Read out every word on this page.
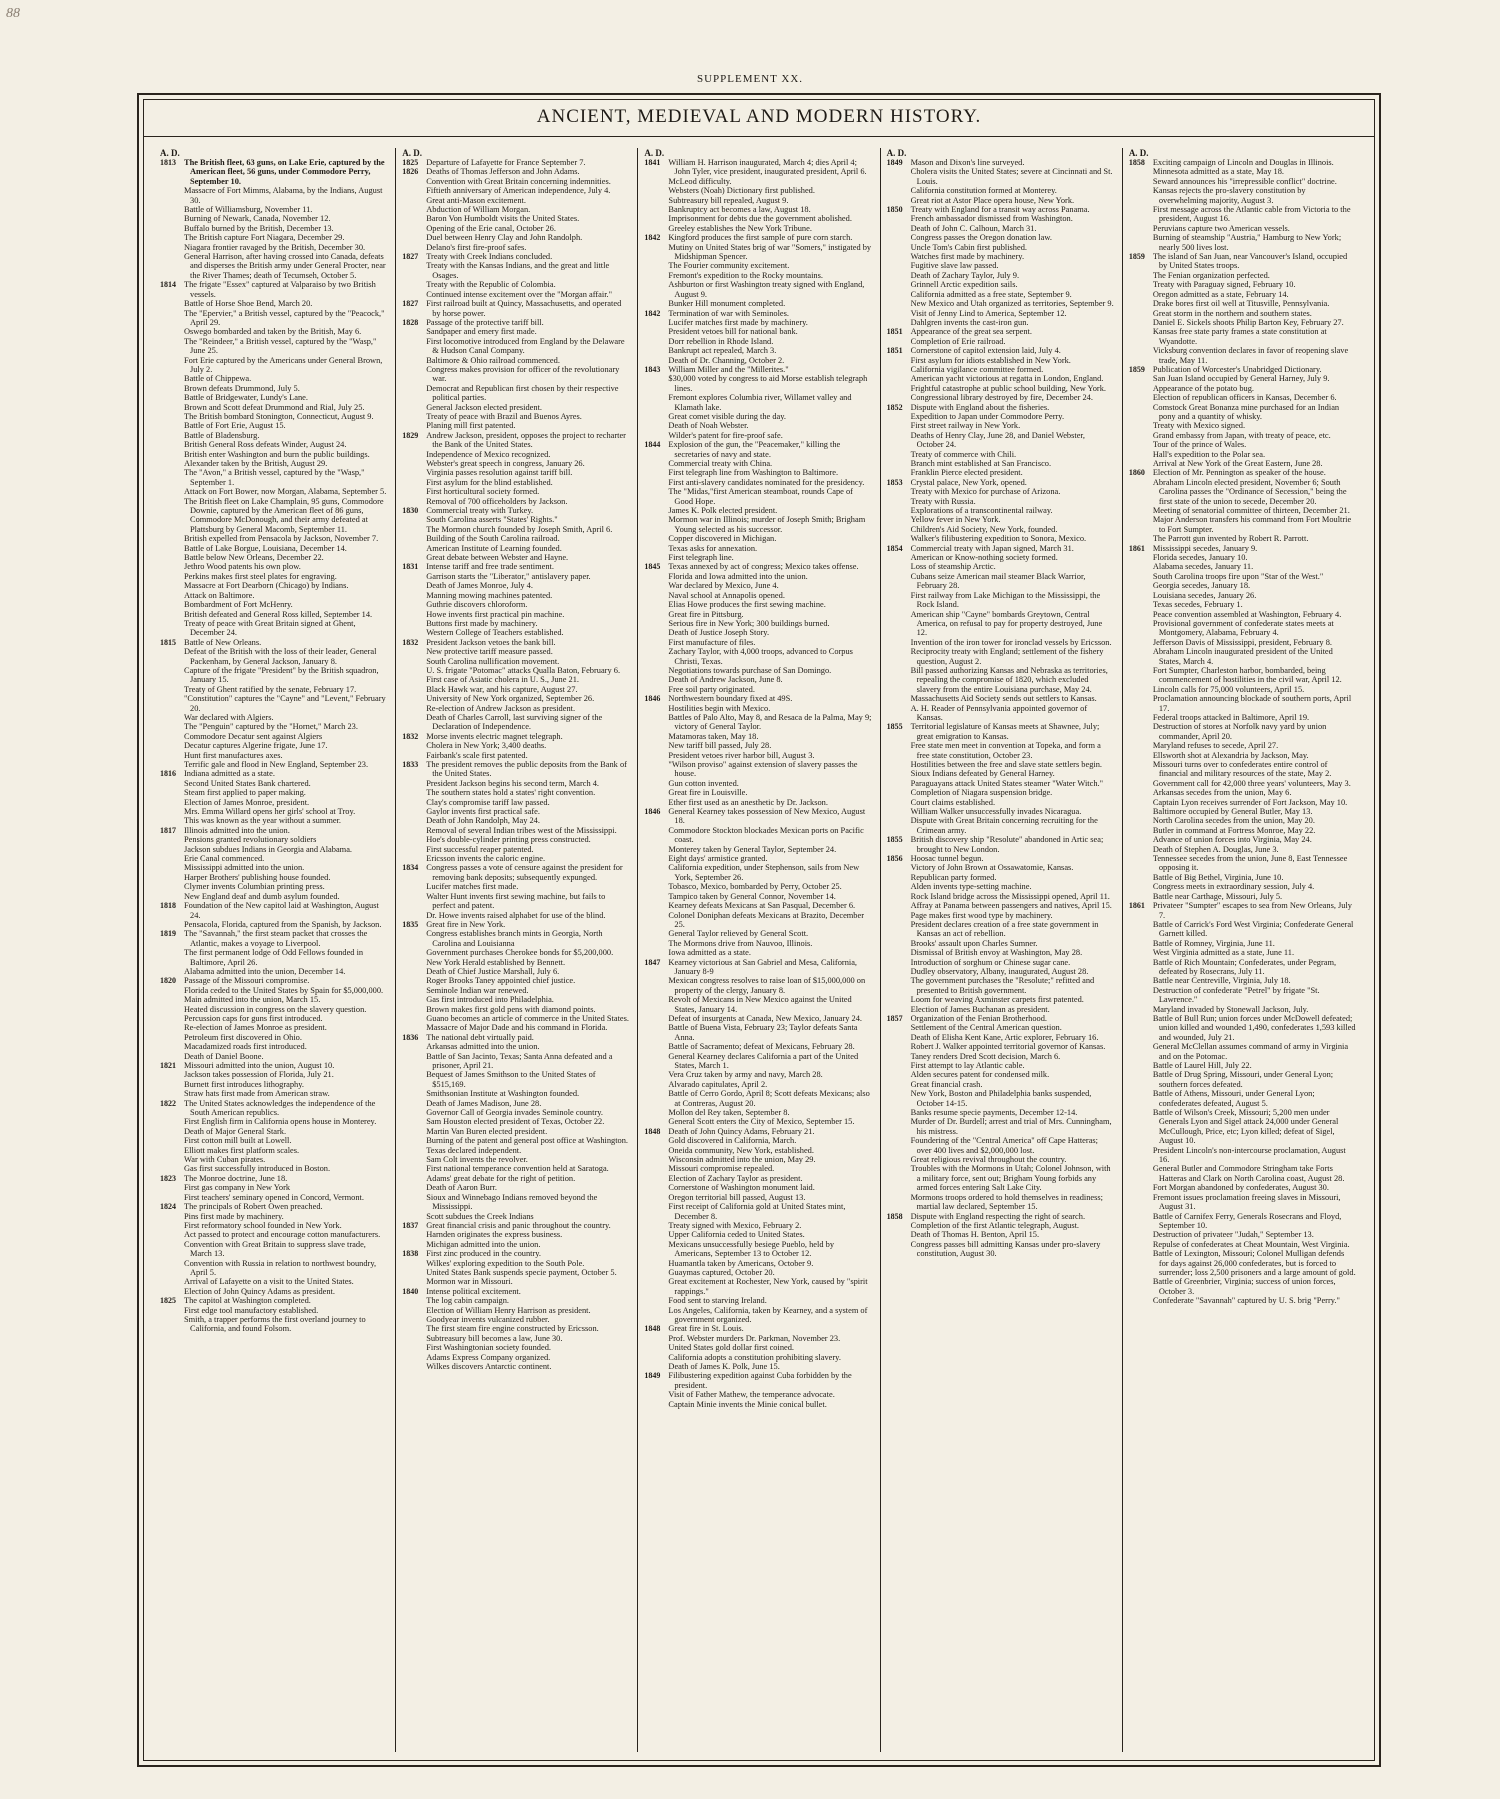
88
SUPPLEMENT XX.
ANCIENT, MEDIEVAL AND MODERN HISTORY.
A. D.
1813 The British fleet, 63 guns, on Lake Erie, captured by the American fleet, 56 guns, under Commodore Perry, September 10.
Massacre of Fort Mimms, Alabama, by the Indians, August 30.
Battle of Williamsburg, November 11.
Burning of Newark, Canada, November 12.
Buffalo burned by the British, December 13.
The British capture Fort Niagara, December 29.
Niagara frontier ravaged by the British, December 30.
General Harrison, after having crossed into Canada, defeats and disperses the British army under General Procter, near the River Thames; death of Tecumseh, October 5.
1814 The frigate "Essex" captured at Valparaiso by two British vessels.
Battle of Horse Shoe Bend, March 20.
The "Epervier," a British vessel, captured by the "Peacock," April 29.
Oswego bombarded and taken by the British, May 6.
The "Reindeer," a British vessel, captured by the "Wasp," June 25.
Fort Erie captured by the Americans under General Brown, July 2.
Battle of Chippewa.
Brown defeats Drummond, July 5.
Battle of Bridgewater, Lundy's Lane.
Brown and Scott defeat Drummond and Rial, July 25.
The British bombard Stonington, Connecticut, August 9.
Battle of Fort Erie, August 15.
Battle of Bladensburg.
British General Ross defeats Winder, August 24.
British enter Washington and burn the public buildings.
Alexander taken by the British, August 29.
The "Avon," a British vessel, captured by the "Wasp," September 1.
Attack on Fort Bower, now Morgan, Alabama, September 5.
The British fleet on Lake Champlain, 95 guns, Commodore Downie, captured by the American fleet of 86 guns, Commodore McDonough, and their army defeated at Plattsburg by General Macomb, September 11.
British expelled from Pensacola by Jackson, November 7.
Battle of Lake Borgue, Louisiana, December 14.
Battle below New Orleans, December 22.
Jethro Wood patents his own plow.
Perkins makes first steel plates for engraving.
Massacre at Fort Dearborn (Chicago) by Indians.
Attack on Baltimore.
Bombardment of Fort McHenry.
British defeated and General Ross killed, September 14.
Treaty of peace with Great Britain signed at Ghent, December 24.
1815 Battle of New Orleans.
Defeat of the British with the loss of their leader, General Packenham, by General Jackson, January 8.
Capture of the frigate "President" by the British squadron, January 15.
Treaty of Ghent ratified by the senate, February 17.
"Constitution" captures the "Cayne" and "Levent," February 20.
War declared with Algiers.
The "Penguin" captured by the "Hornet," March 23.
Commodore Decatur sent against Algiers
Decatur captures Algerine frigate, June 17.
Hunt first manufactures axes.
Terrific gale and flood in New England, September 23.
1816 Indiana admitted as a state.
Second United States Bank chartered.
Steam first applied to paper making.
Election of James Monroe, president.
Mrs. Emma Willard opens her girls' school at Troy.
This was known as the year without a summer.
1817 Illinois admitted into the union.
Pensions granted revolutionary soldiers
Jackson subdues Indians in Georgia and Alabama.
Erie Canal commenced.
Mississippi admitted into the union.
Harper Brothers' publishing house founded.
Clymer invents Columbian printing press.
New England deaf and dumb asylum founded.
1818 Foundation of the New capitol laid at Washington, August 24.
Pensacola, Florida, captured from the Spanish, by Jackson.
1819 The "Savannah," the first steam packet that crosses the Atlantic, makes a voyage to Liverpool.
The first permanent lodge of Odd Fellows founded in Baltimore, April 26.
Alabama admitted into the union, December 14.
1820 Passage of the Missouri compromise.
Florida ceded to the United States by Spain for $5,000,000.
Main admitted into the union, March 15.
Heated discussion in congress on the slavery question.
Percussion caps for guns first introduced.
Re-election of James Monroe as president.
Petroleum first discovered in Ohio.
Macadamized roads first introduced.
Death of Daniel Boone.
1821 Missouri admitted into the union, August 10.
Jackson takes possession of Florida, July 21.
Burnett first introduces lithography.
Straw hats first made from American straw.
1822 The United States acknowledges the independence of the South American republics.
First English firm in California opens house in Monterey.
Death of Major General Stark.
First cotton mill built at Lowell.
Elliott makes first platform scales.
War with Cuban pirates.
Gas first successfully introduced in Boston.
1823 The Monroe doctrine, June 18.
First gas company in New York
First teachers' seminary opened in Concord, Vermont.
1824 The principals of Robert Owen preached.
Pins first made by machinery.
First reformatory school founded in New York.
Act passed to protect and encourage cotton manufacturers.
Convention with Great Britain to suppress slave trade, March 13.
Convention with Russia in relation to northwest boundry, April 5.
Arrival of Lafayette on a visit to the United States.
Election of John Quincy Adams as president.
1825 The capitol at Washington completed.
First edge tool manufactory established.
Smith, a trapper performs the first overland journey to California, and found Folsom.
A. D.
1825 Departure of Lafayette for France September 7.
1826 Deaths of Thomas Jefferson and John Adams.
Convention with Great Britain concerning indemnities.
Fiftieth anniversary of American independence, July 4.
Great anti-Mason excitement.
Abduction of William Morgan.
Baron Von Humboldt visits the United States.
Opening of the Erie canal, October 26.
Duel between Henry Clay and John Randolph.
Delano's first fire-proof safes.
1827 Treaty with Creek Indians concluded.
Treaty with the Kansas Indians, and the great and little Osages.
Treaty with the Republic of Colombia.
Continued intense excitement over the "Morgan affair."
1827 First railroad built at Quincy, Massachusetts, and operated by horse power.
1828 Passage of the protective tariff bill.
Sandpaper and emery first made.
First locomotive introduced from England by the Delaware & Hudson Canal Company.
Baltimore & Ohio railroad commenced.
Congress makes provision for officer of the revolutionary war.
Democrat and Republican first chosen by their respective political parties.
General Jackson elected president.
Treaty of peace with Brazil and Buenos Ayres.
Planing mill first patented.
1829 Andrew Jackson, president, opposes the project to recharter the Bank of the United States.
Independence of Mexico recognized.
Webster's great speech in congress, January 26.
Virginia passes resolution against tariff bill.
First asylum for the blind established.
First horticultural society formed.
Removal of 700 officeholders by Jackson.
1830 Commercial treaty with Turkey.
South Carolina asserts "States' Rights."
The Mormon church founded by Joseph Smith, April 6.
Building of the South Carolina railroad.
American Institute of Learning founded.
Great debate between Webster and Hayne.
1831 Intense tariff and free trade sentiment.
Garrison starts the "Liberator," antislavery paper.
Death of James Monroe, July 4.
Manning mowing machines patented.
Guthrie discovers chloroform.
Howe invents first practical pin machine.
Buttons first made by machinery.
Western College of Teachers established.
1832 President Jackson vetoes the bank bill.
New protective tariff measure passed.
South Carolina nullification movement.
U. S. frigate "Potomac" attacks Qualla Baton, February 6.
First case of Asiatic cholera in U. S., June 21.
Black Hawk war, and his capture, August 27.
University of New York organized, September 26.
Re-election of Andrew Jackson as president.
Death of Charles Carroll, last surviving signer of the Declaration of Independence.
1832 Morse invents electric magnet telegraph.
Cholera in New York; 3,400 deaths.
Fairbank's scale first patented.
1833 The president removes the public deposits from the Bank of the United States.
President Jackson begins his second term, March 4.
The southern states hold a states' right convention.
Clay's compromise tariff law passed.
Gaylor invents first practical safe.
Death of John Randolph, May 24.
Removal of several Indian tribes west of the Mississippi.
Hoe's double-cylinder printing press constructed.
First successful reaper patented.
Ericsson invents the caloric engine.
1834 Congress passes a vote of censure against the president for removing bank deposits; subsequently expunged.
Lucifer matches first made.
Walter Hunt invents first sewing machine, but fails to perfect and patent.
Dr. Howe invents raised alphabet for use of the blind.
1835 Great fire in New York.
Congress establishes branch mints in Georgia, North Carolina and Louisianna
Government purchases Cherokee bonds for $5,200,000.
New York Herald established by Bennett.
Death of Chief Justice Marshall, July 6.
Roger Brooks Taney appointed chief justice.
Seminole Indian war renewed.
Gas first introduced into Philadelphia.
Brown makes first gold pens with diamond points.
Guano becomes an article of commerce in the United States.
Massacre of Major Dade and his command in Florida.
1836 The national debt virtually paid.
Arkansas admitted into the union.
Battle of San Jacinto, Texas; Santa Anna defeated and a prisoner, April 21.
Bequest of James Smithson to the United States of $515,169.
Smithsonian Institute at Washington founded.
Death of James Madison, June 28.
Governor Call of Georgia invades Seminole country.
Sam Houston elected president of Texas, October 22.
Martin Van Buren elected president.
Burning of the patent and general post office at Washington.
Texas declared independent.
Sam Colt invents the revolver.
First national temperance convention held at Saratoga.
Adams' great debate for the right of petition.
Death of Aaron Burr.
Sioux and Winnebago Indians removed beyond the Mississippi.
Scott subdues the Creek Indians
1837 Great financial crisis and panic throughout the country.
Harnden originates the express business.
Michigan admitted into the union.
1838 First zinc produced in the country.
Wilkes' exploring expedition to the South Pole.
United States Bank suspends specie payment, October 5.
Mormon war in Missouri.
1840 Intense political excitement.
The log cabin campaign.
Election of William Henry Harrison as president.
Goodyear invents vulcanized rubber.
The first steam fire engine constructed by Ericsson.
Subtreasury bill becomes a law, June 30.
First Washingtonian society founded.
Adams Express Company organized.
Wilkes discovers Antarctic continent.
A. D.
1841 William H. Harrison inaugurated, March 4; dies April 4; John Tyler, vice president, inaugurated president, April 6.
McLeod difficulty.
Websters (Noah) Dictionary first published.
Subtreasury bill repealed, August 9.
Bankruptcy act becomes a law, August 18.
Imprisonment for debts due the government abolished.
Greeley establishes the New York Tribune.
1842 Kingford produces the first sample of pure corn starch.
Mutiny on United States brig of war "Somers," instigated by Midshipman Spencer.
The Fourier community excitement.
Fremont's expedition to the Rocky mountains.
Ashburton or first Washington treaty signed with England, August 9.
Bunker Hill monument completed.
1842 Termination of war with Seminoles.
Lucifer matches first made by machinery.
President vetoes bill for national bank.
Dorr rebellion in Rhode Island.
Bankrupt act repealed, March 3.
Death of Dr. Channing, October 2.
1843 William Miller and the "Millerites."
$30,000 voted by congress to aid Morse establish telegraph lines.
Fremont explores Columbia river, Willamet valley and Klamath lake.
Great comet visible during the day.
Death of Noah Webster.
Wilder's patent for fire-proof safe.
1844 Explosion of the gun, the "Peacemaker," killing the secretaries of navy and state.
Commercial treaty with China.
First telegraph line from Washington to Baltimore.
First anti-slavery candidates nominated for the presidency.
The "Midas,"first American steamboat, rounds Cape of Good Hope.
James K. Polk elected president.
Mormon war in Illinois; murder of Joseph Smith; Brigham Young selected as his successor.
Copper discovered in Michigan.
Texas asks for annexation.
First telegraph line.
1845 Texas annexed by act of congress; Mexico takes offense.
Florida and Iowa admitted into the union.
War declared by Mexico, June 4.
Naval school at Annapolis opened.
Elias Howe produces the first sewing machine.
Great fire in Pittsburg.
Serious fire in New York; 300 buildings burned.
Death of Justice Joseph Story.
First manufacture of files.
Zachary Taylor, with 4,000 troops, advanced to Corpus Christi, Texas.
Negotiations towards purchase of San Domingo.
Death of Andrew Jackson, June 8.
Free soil party originated.
1846 Northwestern boundary fixed at 49S.
Hostilities begin with Mexico.
Battles of Palo Alto, May 8, and Resaca de la Palma, May 9; victory of General Taylor.
Matamoras taken, May 18.
New tariff bill passed, July 28.
President vetoes river harbor bill, August 3.
"Wilson proviso" against extension of slavery passes the house.
Gun cotton invented.
Great fire in Louisville.
Ether first used as an anesthetic by Dr. Jackson.
1846 General Kearney takes possession of New Mexico, August 18.
Commodore Stockton blockades Mexican ports on Pacific coast.
Monterey taken by General Taylor, September 24.
Eight days' armistice granted.
California expedition, under Stephenson, sails from New York, September 26.
Tobasco, Mexico, bombarded by Perry, October 25.
Tampico taken by General Connor, November 14.
Kearney defeats Mexicans at San Pasqual, December 6.
Colonel Doniphan defeats Mexicans at Brazito, December 25.
General Taylor relieved by General Scott.
The Mormons drive from Nauvoo, Illinois.
Iowa admitted as a state.
1847 Kearney victorious at San Gabriel and Mesa, California, January 8-9
Mexican congress resolves to raise loan of $15,000,000 on property of the clergy, January 8.
Revolt of Mexicans in New Mexico against the United States, January 14.
Defeat of insurgents at Canada, New Mexico, January 24.
Battle of Buena Vista, February 23; Taylor defeats Santa Anna.
Battle of Sacramento; defeat of Mexicans, February 28.
General Kearney declares California a part of the United States, March 1.
Vera Cruz taken by army and navy, March 28.
Alvarado capitulates, April 2.
Battle of Cerro Gordo, April 8; Scott defeats Mexicans; also at Contreras, August 20.
Mollon del Rey taken, September 8.
General Scott enters the City of Mexico, September 15.
1848 Death of John Quincy Adams, February 21.
Gold discovered in California, March.
Oneida community, New York, established.
Wisconsin admitted into the union, May 29.
Missouri compromise repealed.
Election of Zachary Taylor as president.
Cornerstone of Washington monument laid.
Oregon territorial bill passed, August 13.
First receipt of California gold at United States mint, December 8.
Treaty signed with Mexico, February 2.
Upper California ceded to United States.
Mexicans unsuccessfully besiege Pueblo, held by Americans, September 13 to October 12.
Huamantla taken by Americans, October 9.
Guaymas captured, October 20.
Great excitement at Rochester, New York, caused by "spirit rappings."
Food sent to starving Ireland.
Los Angeles, California, taken by Kearney, and a system of government organized.
1848 Great fire in St. Louis.
Prof. Webster murders Dr. Parkman, November 23.
United States gold dollar first coined.
California adopts a constitution prohibiting slavery.
Death of James K. Polk, June 15.
1849 Filibustering expedition against Cuba forbidden by the president.
Visit of Father Mathew, the temperance advocate.
Captain Minie invents the Minie conical bullet.
A. D.
1849 Mason and Dixon's line surveyed.
Cholera visits the United States; severe at Cincinnati and St. Louis.
California constitution formed at Monterey.
Great riot at Astor Place opera house, New York.
1850 Treaty with England for a transit way across Panama.
French ambassador dismissed from Washington.
Death of John C. Calhoun, March 31.
Congress passes the Oregon donation law.
Uncle Tom's Cabin first published.
Watches first made by machinery.
Fugitive slave law passed.
Death of Zachary Taylor, July 9.
Grinnell Arctic expedition sails.
California admitted as a free state, September 9.
New Mexico and Utah organized as territories, September 9.
Visit of Jenny Lind to America, September 12.
Dahlgren invents the cast-iron gun.
1851 Appearance of the great sea serpent.
Completion of Erie railroad.
1851 Cornerstone of capitol extension laid, July 4.
First asylum for idiots established in New York.
California vigilance committee formed.
American yacht victorious at regatta in London, England.
Frightful catastrophe at public school building, New York.
Congressional library destroyed by fire, December 24.
1852 Dispute with England about the fisheries.
Expedition to Japan under Commodore Perry.
First street railway in New York.
Deaths of Henry Clay, June 28, and Daniel Webster, October 24.
Treaty of commerce with Chili.
Branch mint established at San Francisco.
Franklin Pierce elected president.
1853 Crystal palace, New York, opened.
Treaty with Mexico for purchase of Arizona.
Treaty with Russia.
Explorations of a transcontinental railway.
Yellow fever in New York.
Children's Aid Society, New York, founded.
Walker's filibustering expedition to Sonora, Mexico.
1854 Commercial treaty with Japan signed, March 31.
American or Know-nothing society formed.
Loss of steamship Arctic.
Cubans seize American mail steamer Black Warrior, February 28.
First railway from Lake Michigan to the Mississippi, the Rock Island.
American ship "Cayne" bombards Greytown, Central America, on refusal to pay for property destroyed, June 12.
Invention of the iron tower for ironclad vessels by Ericsson.
Reciprocity treaty with England; settlement of the fishery question, August 2.
Bill passed authorizing Kansas and Nebraska as territories, repealing the compromise of 1820, which excluded slavery from the entire Louisiana purchase, May 24.
Massachusetts Aid Society sends out settlers to Kansas.
A. H. Reader of Pennsylvania appointed governor of Kansas.
1855 Territorial legislature of Kansas meets at Shawnee, July; great emigration to Kansas.
Free state men meet in convention at Topeka, and form a free state constitution, October 23.
Hostilities between the free and slave state settlers begin.
Sioux Indians defeated by General Harney.
Paraguayans attack United States steamer "Water Witch."
Completion of Niagara suspension bridge.
Court claims established.
William Walker unsuccessfully invades Nicaragua.
Dispute with Great Britain concerning recruiting for the Crimean army.
1855 British discovery ship "Resolute" abandoned in Artic sea; brought to New London.
1856 Hoosac tunnel begun.
Victory of John Brown at Ossawatomie, Kansas.
Republican party formed.
Alden invents type-setting machine.
Rock Island bridge across the Mississippi opened, April 11.
Affray at Panama between passengers and natives, April 15.
Page makes first wood type by machinery.
President declares creation of a free state government in Kansas an act of rebellion.
Brooks' assault upon Charles Sumner.
Dismissal of British envoy at Washington, May 28.
Introduction of sorghum or Chinese sugar cane.
Dudley observatory, Albany, inaugurated, August 28.
The government purchases the "Resolute;" refitted and presented to British government.
Loom for weaving Axminster carpets first patented.
Election of James Buchanan as president.
1857 Organization of the Fenian Brotherhood.
Settlement of the Central American question.
Death of Elisha Kent Kane, Artic explorer, February 16.
Robert J. Walker appointed territorial governor of Kansas.
Taney renders Dred Scott decision, March 6.
First attempt to lay Atlantic cable.
Alden secures patent for condensed milk.
Great financial crash.
New York, Boston and Philadelphia banks suspended, October 14-15.
Banks resume specie payments, December 12-14.
Murder of Dr. Burdell; arrest and trial of Mrs. Cunningham, his mistress.
Foundering of the "Central America" off Cape Hatteras; over 400 lives and $2,000,000 lost.
Great religious revival throughout the country.
Troubles with the Mormons in Utah; Colonel Johnson, with a military force, sent out; Brigham Young forbids any armed forces entering Salt Lake City.
Mormons troops ordered to hold themselves in readiness; martial law declared, September 15.
1858 Dispute with England respecting the right of search.
Completion of the first Atlantic telegraph, August.
Death of Thomas H. Benton, April 15.
Congress passes bill admitting Kansas under pro-slavery constitution, August 30.
A. D.
1858 Exciting campaign of Lincoln and Douglas in Illinois.
Minnesota admitted as a state, May 18.
Seward announces his "irrepressible conflict" doctrine.
Kansas rejects the pro-slavery constitution by overwhelming majority, August 3.
First message across the Atlantic cable from Victoria to the president, August 16.
Peruvians capture two American vessels.
Burning of steamship "Austria," Hamburg to New York; nearly 500 lives lost.
1859 The island of San Juan, near Vancouver's Island, occupied by United States troops.
The Fenian organization perfected.
Treaty with Paraguay signed, February 10.
Oregon admitted as a state, February 14.
Drake bores first oil well at Titusville, Pennsylvania.
Great storm in the northern and southern states.
Daniel E. Sickels shoots Philip Barton Key, February 27.
Kansas free state party frames a state constitution at Wyandotte.
Vicksburg convention declares in favor of reopening slave trade, May 11.
1859 Publication of Worcester's Unabridged Dictionary.
San Juan Island occupied by General Harney, July 9.
Appearance of the potato bug.
Election of republican officers in Kansas, December 6.
Comstock Great Bonanza mine purchased for an Indian pony and a quantity of whisky.
Treaty with Mexico signed.
Grand embassy from Japan, with treaty of peace, etc.
Tour of the prince of Wales.
Hall's expedition to the Polar sea.
Arrival at New York of the Great Eastern, June 28.
1860 Election of Mr. Pennington as speaker of the house.
Abraham Lincoln elected president, November 6; South Carolina passes the "Ordinance of Secession," being the first state of the union to secede, December 20.
Meeting of senatorial committee of thirteen, December 21.
Major Anderson transfers his command from Fort Moultrie to Fort Sumpter.
The Parrott gun invented by Robert R. Parrott.
1861 Mississippi secedes, January 9.
Florida secedes, January 10.
Alabama secedes, January 11.
South Carolina troops fire upon "Star of the West."
Georgia secedes, January 18.
Louisiana secedes, January 26.
Texas secedes, February 1.
Peace convention assembled at Washington, February 4.
Provisional government of confederate states meets at Montgomery, Alabama, February 4.
Jefferson Davis of Mississippi, president, February 8.
Abraham Lincoln inaugurated president of the United States, March 4.
Fort Sumpter, Charleston harbor, bombarded, being commencement of hostilities in the civil war, April 12.
Lincoln calls for 75,000 volunteers, April 15.
Proclamation announcing blockade of southern ports, April 17.
Federal troops attacked in Baltimore, April 19.
Destruction of stores at Norfolk navy yard by union commander, April 20.
Maryland refuses to secede, April 27.
Ellsworth shot at Alexandria by Jackson, May.
Missouri turns over to confederates entire control of financial and military resources of the state, May 2.
Government call for 42,000 three years' volunteers, May 3.
Arkansas secedes from the union, May 6.
Captain Lyon receives surrender of Fort Jackson, May 10.
Baltimore occupied by General Butler, May 13.
North Carolina secedes from the union, May 20.
Butler in command at Fortress Monroe, May 22.
Advance of union forces into Virginia, May 24.
Death of Stephen A. Douglas, June 3.
Tennessee secedes from the union, June 8, East Tennessee opposing it.
Battle of Big Bethel, Virginia, June 10.
Congress meets in extraordinary session, July 4.
Battle near Carthage, Missouri, July 5.
1861 Privateer "Sumpter" escapes to sea from New Orleans, July 7.
Battle of Carrick's Ford West Virginia; Confederate General Garnett killed.
Battle of Romney, Virginia, June 11.
West Virginia admitted as a state, June 11.
Battle of Rich Mountain; Confederates, under Pegram, defeated by Rosecrans, July 11.
Battle near Centreville, Virginia, July 18.
Destruction of confederate "Petrel" by frigate "St. Lawrence."
Maryland invaded by Stonewall Jackson, July.
Battle of Bull Run; union forces under McDowell defeated; union killed and wounded 1,490, confederates 1,593 killed and wounded, July 21.
General McClellan assumes command of army in Virginia and on the Potomac.
Battle of Laurel Hill, July 22.
Battle of Drug Spring, Missouri, under General Lyon; southern forces defeated.
Battle of Athens, Missouri, under General Lyon; confederates defeated, August 5.
Battle of Wilson's Creek, Missouri; 5,200 men under Generals Lyon and Sigel attack 24,000 under General McCullough, Price, etc; Lyon killed; defeat of Sigel, August 10.
President Lincoln's non-intercourse proclamation, August 16.
General Butler and Commodore Stringham take Forts Hatteras and Clark on North Carolina coast, August 28.
Fort Morgan abandoned by confederates, August 30.
Fremont issues proclamation freeing slaves in Missouri, August 31.
Battle of Carnifex Ferry, Generals Rosecrans and Floyd, September 10.
Destruction of privateer "Judah," September 13.
Repulse of confederates at Cheat Mountain, West Virginia.
Battle of Lexington, Missouri; Colonel Mulligan defends for days against 26,000 confederates, but is forced to surrender; loss 2,500 prisoners and a large amount of gold.
Battle of Greenbrier, Virginia; success of union forces, October 3.
Confederate "Savannah" captured by U. S. brig "Perry."
